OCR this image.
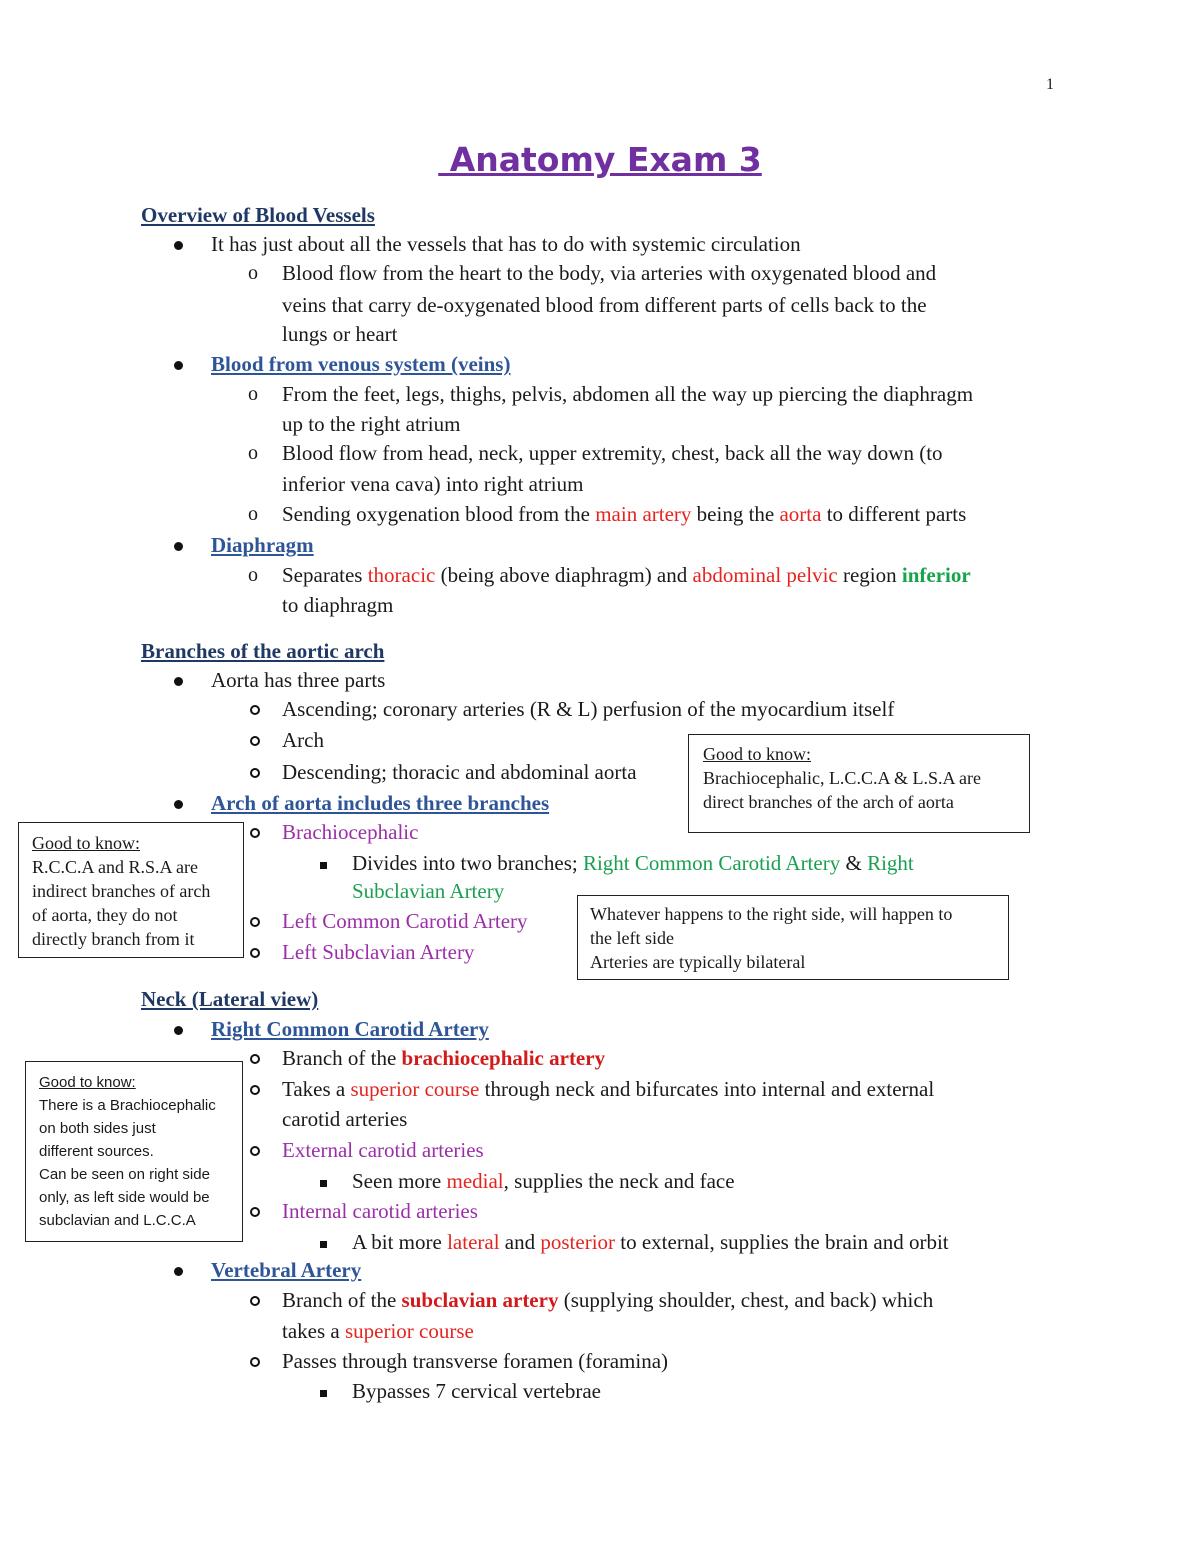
1
Anatomy Exam 3
Overview of Blood Vessels
It has just about all the vessels that has to do with systemic circulation
o Blood flow from the heart to the body, via arteries with oxygenated blood and
veins that carry de-oxygenated blood from different parts of cells back to the
lungs or heart
Blood from venous system (veins)
o From the feet, legs, thighs, pelvis, abdomen all the way up piercing the diaphragm
up to the right atrium
o Blood flow from head, neck, upper extremity, chest, back all the way down (to
inferior vena cava) into right atrium
o Sending oxygenation blood from the main artery being the aorta to different parts
Diaphragm
o Separates thoracic (being above diaphragm) and abdominal pelvic region inferior
to diaphragm
Branches of the aortic arch
Aorta has three parts
Ascending; coronary arteries (R & L) perfusion of the myocardium itself
Arch
Descending; thoracic and abdominal aorta
Arch of aorta includes three branches
Brachiocephalic
Divides into two branches; Right Common Carotid Artery & Right
Subclavian Artery
Left Common Carotid Artery
Left Subclavian Artery
Neck (Lateral view)
Right Common Carotid Artery
Branch of the brachiocephalic artery
Takes a superior course through neck and bifurcates into internal and external
carotid arteries
External carotid arteries
Seen more medial, supplies the neck and face
Internal carotid arteries
A bit more lateral and posterior to external, supplies the brain and orbit
Vertebral Artery
Branch of the subclavian artery (supplying shoulder, chest, and back) which
takes a superior course
Passes through transverse foramen (foramina)
Bypasses 7 cervical vertebrae
Good to know:
Brachiocephalic, L.C.C.A & L.S.A are
direct branches of the arch of aorta
Good to know:
R.C.C.A and R.S.A are
indirect branches of arch
of aorta, they do not
directly branch from it
Whatever happens to the right side, will happen to
the left side
Arteries are typically bilateral
Good to know:
There is a Brachiocephalic
on both sides just
different sources.
Can be seen on right side
only, as left side would be
subclavian and L.C.C.A
